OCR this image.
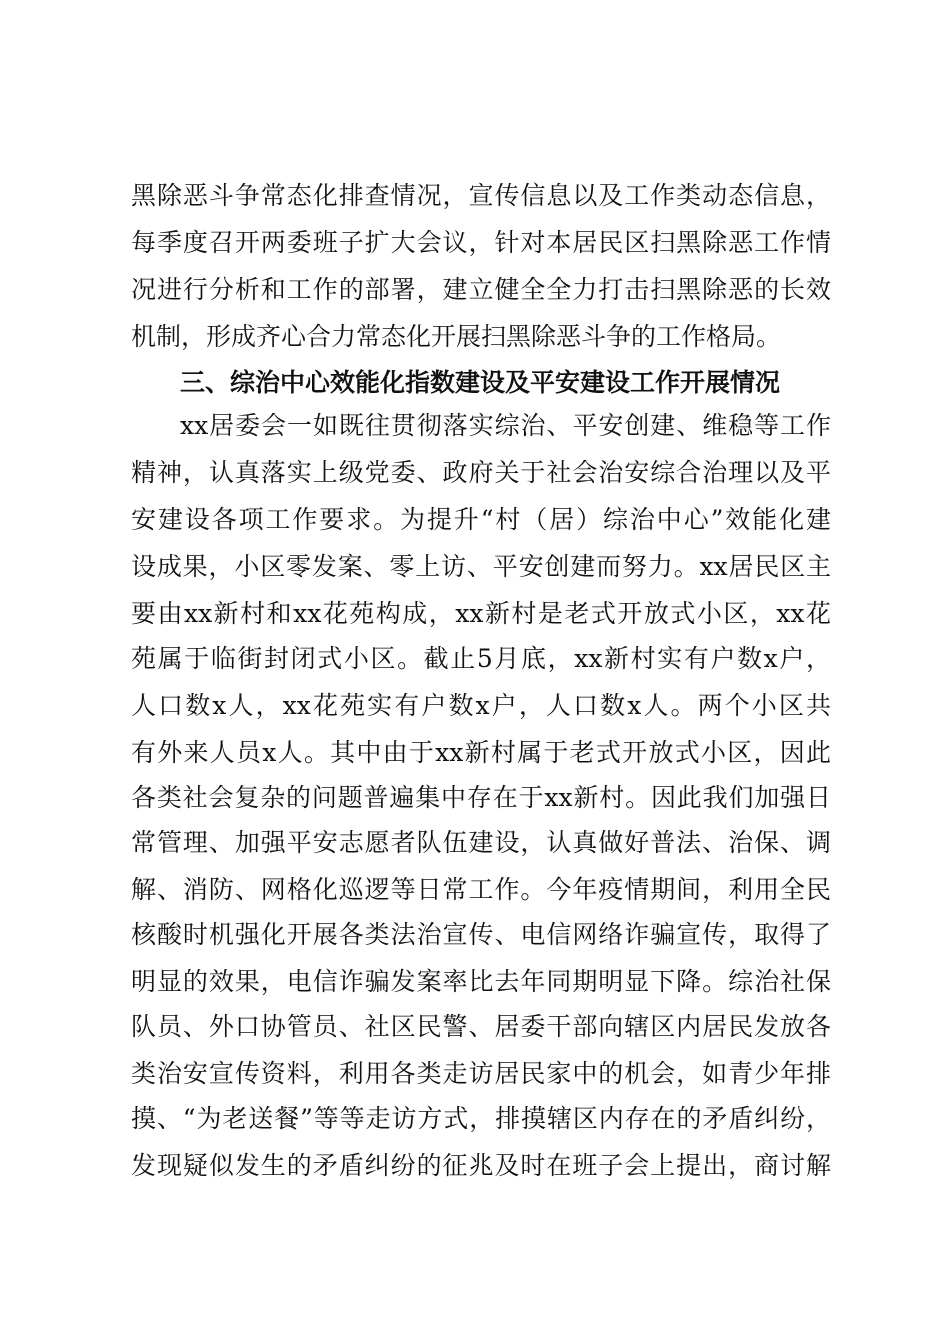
黑除恶斗争常态化排查情况，宣传信息以及工作类动态信息，
每季度召开两委班子扩大会议，针对本居民区扫黑除恶工作情
况进行分析和工作的部署，建立健全全力打击扫黑除恶的长效
机制，形成齐心合力常态化开展扫黑除恶斗争的工作格局。
三、综治中心效能化指数建设及平安建设工作开展情况
xx居委会一如既往贯彻落实综治、平安创建、维稳等工作
精神，认真落实上级党委、政府关于社会治安综合治理以及平
安建设各项工作要求。为提升“村（居）综治中心”效能化建
设成果，小区零发案、零上访、平安创建而努力。xx居民区主
要由xx新村和xx花苑构成，xx新村是老式开放式小区，xx花
苑属于临街封闭式小区。截止5月底，xx新村实有户数x户，
人口数x人，xx花苑实有户数x户，人口数x人。两个小区共
有外来人员x人。其中由于xx新村属于老式开放式小区，因此
各类社会复杂的问题普遍集中存在于xx新村。因此我们加强日
常管理、加强平安志愿者队伍建设，认真做好普法、治保、调
解、消防、网格化巡逻等日常工作。今年疫情期间，利用全民
核酸时机强化开展各类法治宣传、电信网络诈骗宣传，取得了
明显的效果，电信诈骗发案率比去年同期明显下降。综治社保
队员、外口协管员、社区民警、居委干部向辖区内居民发放各
类治安宣传资料，利用各类走访居民家中的机会，如青少年排
摸、“为老送餐”等等走访方式，排摸辖区内存在的矛盾纠纷，
发现疑似发生的矛盾纠纷的征兆及时在班子会上提出，商讨解
